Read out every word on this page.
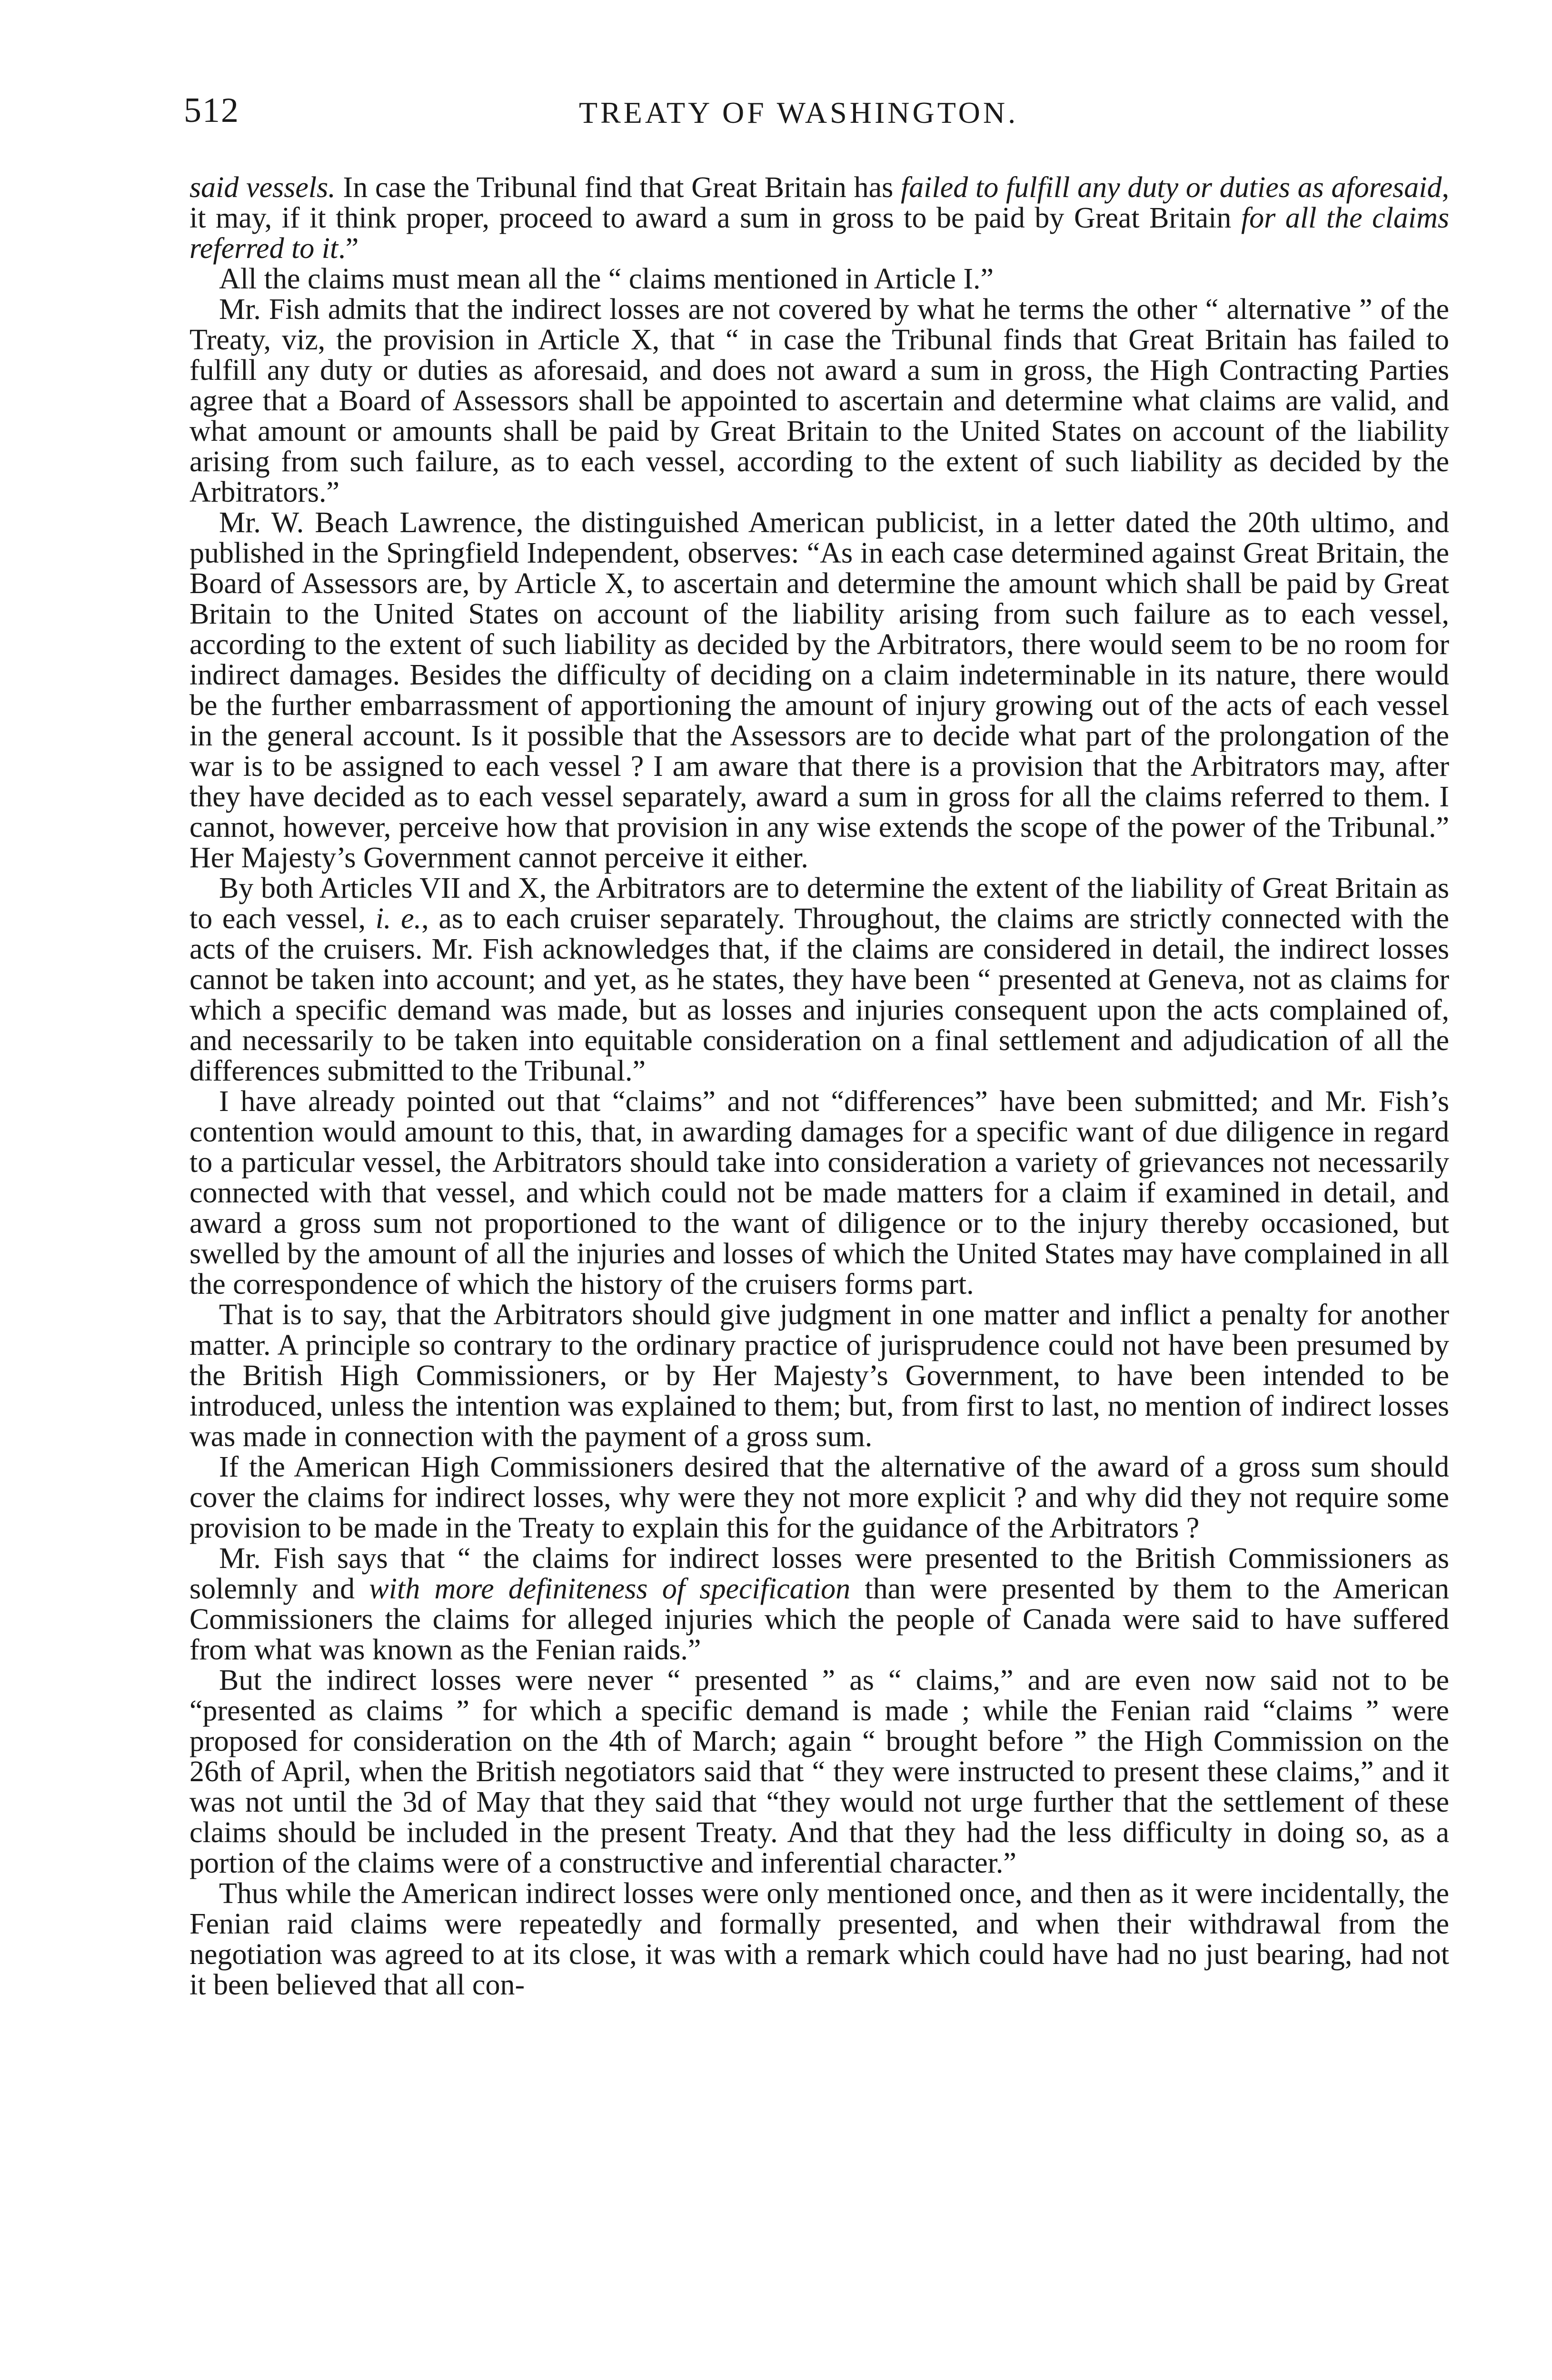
512	TREATY OF WASHINGTON.

said vessels. In case the Tribunal find that Great Britain has failed to fulfill any duty or duties as aforesaid, it may, if it think proper, proceed to award a sum in gross to be paid by Great Britain for all the claims referred to it.”

All the claims must mean all the “ claims mentioned in Article I.”

Mr. Fish admits that the indirect losses are not covered by what he terms the other “ alternative ” of the Treaty, viz, the provision in Article X, that “ in case the Tribunal finds that Great Britain has failed to fulfill any duty or duties as aforesaid, and does not award a sum in gross, the High Contracting Parties agree that a Board of Assessors shall be appointed to ascertain and determine what claims are valid, and what amount or amounts shall be paid by Great Britain to the United States on account of the liability arising from such failure, as to each vessel, according to the extent of such liability as decided by the Arbitrators.”

Mr. W. Beach Lawrence, the distinguished American publicist, in a letter dated the 20th ultimo, and published in the Springfield Independent, observes: “As in each case determined against Great Britain, the Board of Assessors are, by Article X, to ascertain and determine the amount which shall be paid by Great Britain to the United States on account of the liability arising from such failure as to each vessel, according to the extent of such liability as decided by the Arbitrators, there would seem to be no room for indirect damages. Besides the difficulty of deciding on a claim indeterminable in its nature, there would be the further embarrassment of apportioning the amount of injury growing out of the acts of each vessel in the general account. Is it possible that the Assessors are to decide what part of the prolongation of the war is to be assigned to each vessel ? I am aware that there is a provision that the Arbitrators may, after they have decided as to each vessel separately, award a sum in gross for all the claims referred to them. I cannot, however, perceive how that provision in any wise extends the scope of the power of the Tribunal.” Her Majesty’s Government cannot perceive it either.

By both Articles VII and X, the Arbitrators are to determine the extent of the liability of Great Britain as to each vessel, i. e., as to each cruiser separately. Throughout, the claims are strictly connected with the acts of the cruisers. Mr. Fish acknowledges that, if the claims are considered in detail, the indirect losses cannot be taken into account; and yet, as he states, they have been “ presented at Geneva, not as claims for which a specific demand was made, but as losses and injuries consequent upon the acts complained of, and necessarily to be taken into equitable consideration on a final settlement and adjudication of all the differences submitted to the Tribunal.”

I have already pointed out that “claims” and not “differences” have been submitted; and Mr. Fish’s contention would amount to this, that, in awarding damages for a specific want of due diligence in regard to a particular vessel, the Arbitrators should take into consideration a variety of grievances not necessarily connected with that vessel, and which could not be made matters for a claim if examined in detail, and award a gross sum not proportioned to the want of diligence or to the injury thereby occasioned, but swelled by the amount of all the injuries and losses of which the United States may have complained in all the correspondence of which the history of the cruisers forms part.

That is to say, that the Arbitrators should give judgment in one matter and inflict a penalty for another matter. A principle so contrary to the ordinary practice of jurisprudence could not have been presumed by the British High Commissioners, or by Her Majesty’s Government, to have been intended to be introduced, unless the intention was explained to them; but, from first to last, no mention of indirect losses was made in connection with the payment of a gross sum.

If the American High Commissioners desired that the alternative of the award of a gross sum should cover the claims for indirect losses, why were they not more explicit ? and why did they not require some provision to be made in the Treaty to explain this for the guidance of the Arbitrators ?

Mr. Fish says that “ the claims for indirect losses were presented to the British Commissioners as solemnly and with more definiteness of specification than were presented by them to the American Commissioners the claims for alleged injuries which the people of Canada were said to have suffered from what was known as the Fenian raids.”

But the indirect losses were never “ presented ” as “ claims,” and are even now said not to be “presented as claims ” for which a specific demand is made ; while the Fenian raid “claims ” were proposed for consideration on the 4th of March; again “ brought before ” the High Commission on the 26th of April, when the British negotiators said that “ they were instructed to present these claims,” and it was not until the 3d of May that they said that “they would not urge further that the settlement of these claims should be included in the present Treaty. And that they had the less difficulty in doing so, as a portion of the claims were of a constructive and inferential character.”

Thus while the American indirect losses were only mentioned once, and then as it were incidentally, the Fenian raid claims were repeatedly and formally presented, and when their withdrawal from the negotiation was agreed to at its close, it was with a remark which could have had no just bearing, had not it been believed that all con-
